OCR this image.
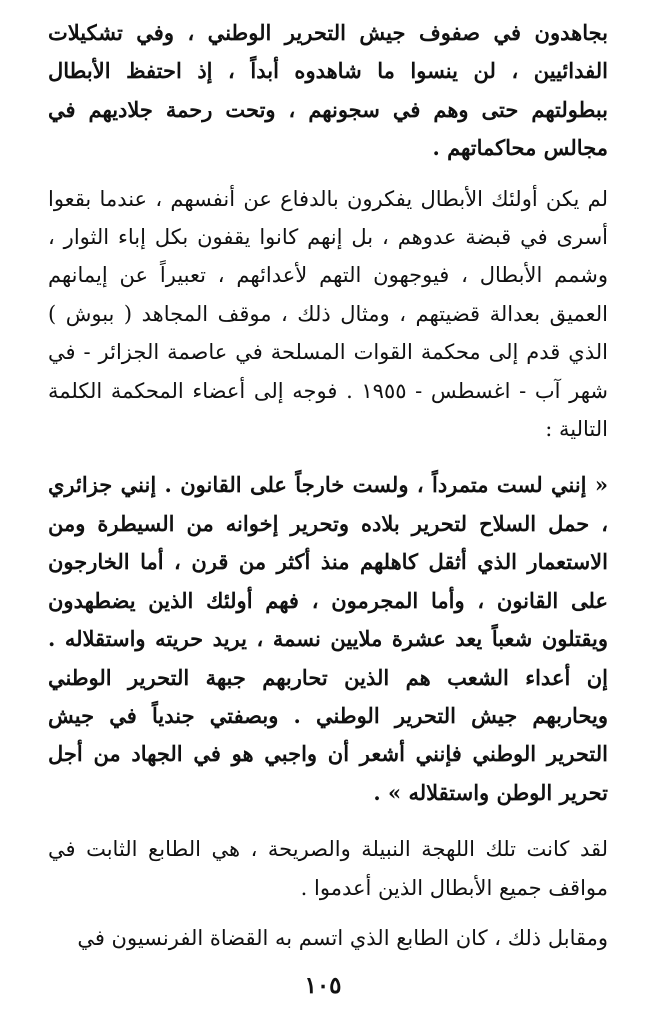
بجاهدون في صفوف جيش التحرير الوطني ، وفي تشكيلات الفدائيين ، لن ينسوا ما شاهدوه أبداً ، إذ احتفظ الأبطال ببطولتهم حتى وهم في سجونهم ، وتحت رحمة جلاديهم في مجالس محاكماتهم .

لم يكن أولئك الأبطال يفكرون بالدفاع عن أنفسهم ، عندما بقعوا أسرى في قبضة عدوهم ، بل إنهم كانوا يقفون بكل إباء الثوار ، وشمم الأبطال ، فيوجهون التهم لأعدائهم ، تعبيراً عن إيمانهم العميق بعدالة قضيتهم ، ومثال ذلك ، موقف المجاهد ( ببوش ) الذي قدم إلى محكمة القوات المسلحة في عاصمة الجزائر - في شهر آب - اغسطس - ١٩٥٥ . فوجه إلى أعضاء المحكمة الكلمة التالية :

« إنني لست متمرداً ، ولست خارجاً على القانون . إنني جزائري ، حمل السلاح لتحرير بلاده وتحرير إخوانه من السيطرة ومن الاستعمار الذي أثقل كاهلهم منذ أكثر من قرن ، أما الخارجون على القانون ، وأما المجرمون ، فهم أولئك الذين يضطهدون ويقتلون شعباً يعد عشرة ملايين نسمة ، يريد حريته واستقلاله . إن أعداء الشعب هم الذين تحاربهم جبهة التحرير الوطني ويحاربهم جيش التحرير الوطني . وبصفتي جندياً في جيش التحرير الوطني فإنني أشعر أن واجبي هو في الجهاد من أجل تحرير الوطن واستقلاله » .

لقد كانت تلك اللهجة النبيلة والصريحة ، هي الطابع الثابت في مواقف جميع الأبطال الذين أعدموا .

ومقابل ذلك ، كان الطابع الذي اتسم به القضاة الفرنسيون في

١٠٥
